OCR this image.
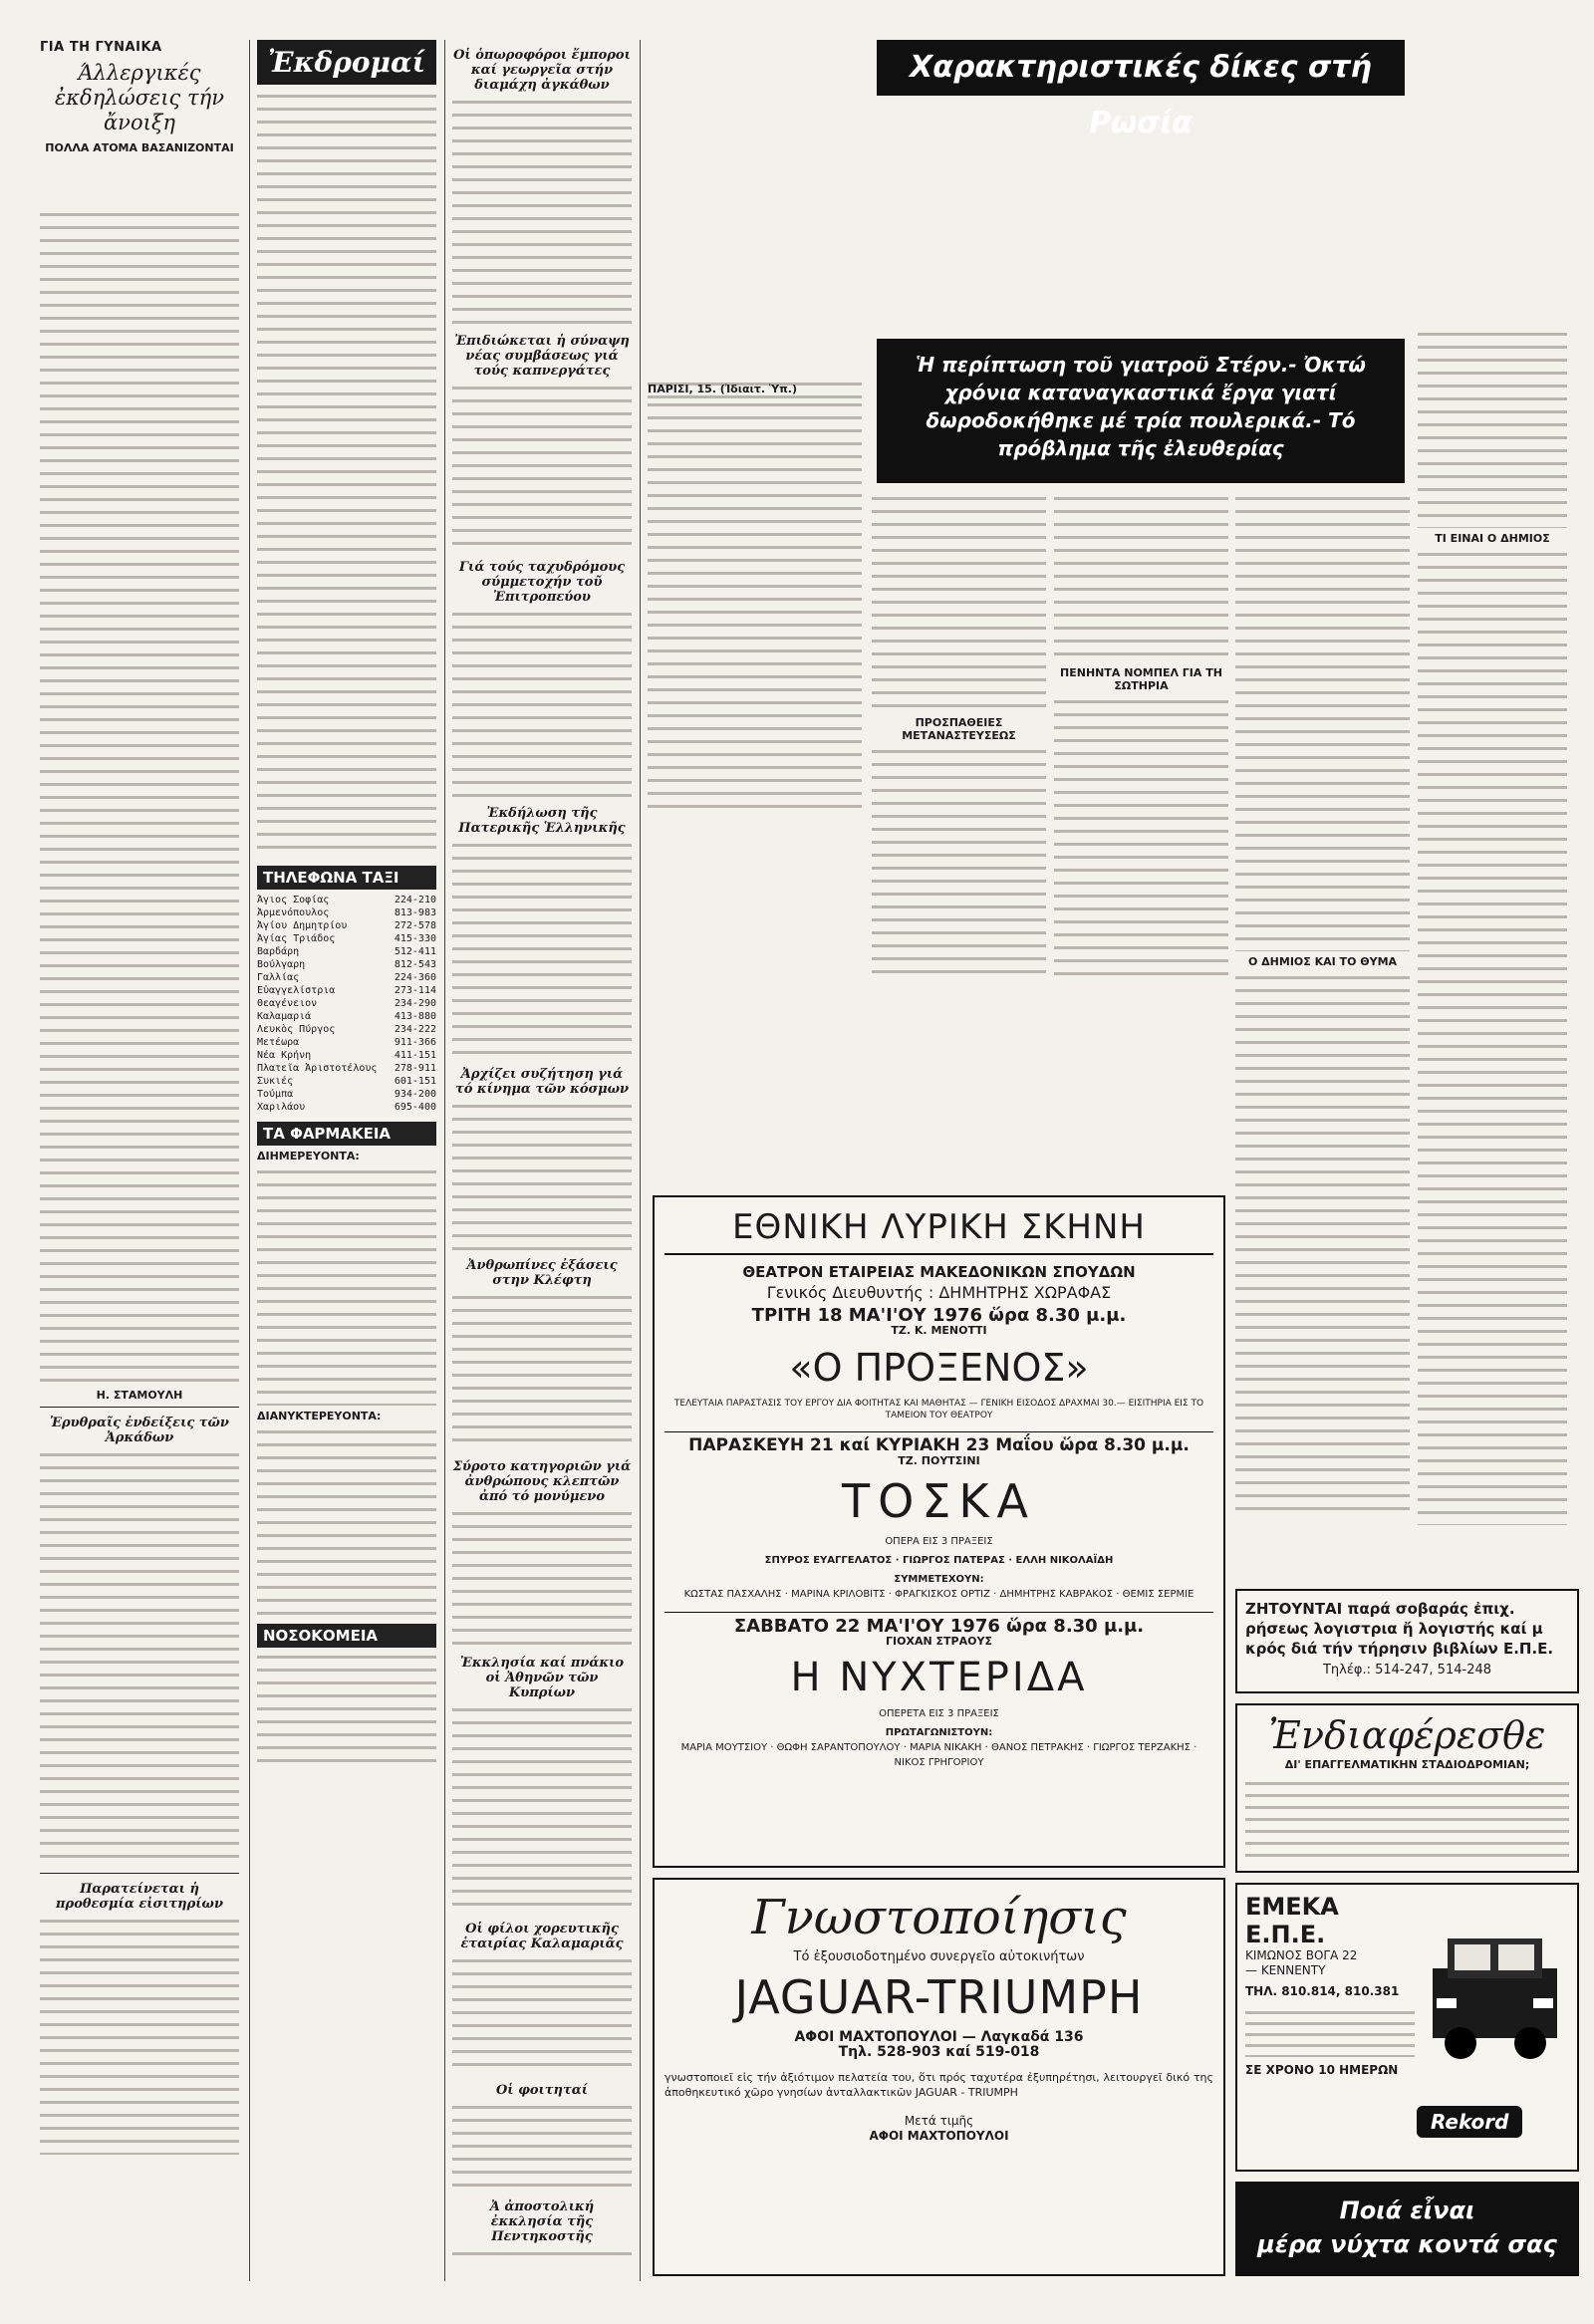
ΓΙΑ ΤΗ ΓΥΝΑΙΚΑ
Άλλεργικές ἐκδηλώσεις τήν ἄνοιξη
ΠΟΛΛΑ ΑΤΟΜΑ ΒΑΣΑΝΙΖΟΝΤΑΙ

Η. ΣΤΑΜΟΥΛΗ
Ἐρυθραῖς ἐνδείξεις τῶν Ἀρκάδων
Παρατείνεται ἡ προθεσμία εἰσιτηρίων
Ἐκδρομαί
ΤΗΛΕΦΩΝΑ ΤΑΞΙ
Ἅγιος Σοφίας	224-210
Ἀρμενόπουλος	813-983
Ἀγίου Δημητρίου	272-578
Ἀγίας Τριάδος	415-330
Βαρδάρη	512-411
Βούλγαρη	812-543
Γαλλίας	224-360
Εὐαγγελίστρια	273-114
Θεαγένειον	234-290
Καλαμαριά	413-880
Λευκὸς Πύργος	234-222
Μετέωρα	911-366
Νέα Κρήνη	411-151
Πλατεῖα Ἀριστοτέλους 278-911
Συκιές	601-151
Τούμπα	934-200
Χαριλάου	695-400
ΤΑ ΦΑΡΜΑΚΕΙΑ
ΔΙΗΜΕΡΕΥΟΝΤΑ:
ΔΙΑΝΥΚΤΕΡΕΥΟΝΤΑ:
ΝΟΣΟΚΟΜΕΙΑ
Οἱ ὁπωροφόροι ἔμποροι καί γεωργεῖα στήν διαμάχη ἀγκάθων
Ἐπιδιώκεται ἡ σύναψη νέας συμβάσεως γιά τούς καπνεργάτες
Γιά τούς ταχυδρόμους σύμμετοχήν τοῦ Ἐπιτροπεύου
Ἐκδήλωση τῆς Πατερικῆς Ἑλληνικῆς
Ἀρχίζει συζήτηση γιά τό κίνημα τῶν κόσμων
Ἀνθρωπίνες ἐξάσεις στην Κλέφτη
Σύροτο κατηγοριῶν γιά ἀνθρώπους κλεπτῶν ἀπό τό μονύμενο
Ἐκκλησία καί πνάκιο οἱ Ἀθηνῶν τῶν Κυπρίων
Οἱ φίλοι χορευτικῆς ἑταιρίας Καλαμαριᾶς
Οἱ φοιτηταί
Ἀ ἀποστολική ἐκκλησία τῆς Πεντηκοστῆς
Χαρακτηριστικές δίκες στή Ρωσία
Ἡ περίπτωση τοῦ γιατροῦ Στέρν.- Ὀκτώ χρόνια καταναγκαστικά ἔργα γιατί δωροδοκήθηκε μέ τρία πουλερικά.- Τό πρόβλημα τῆς ἐλευθερίας
ΠΑΡΙΣΙ, 15. (Ἰδιαιτ. Ὑπ.)
ΠΡΟΣΠΑΘΕΙΕΣ ΜΕΤΑΝΑΣΤΕΥΣΕΩΣ
ΠΕΝΗΝΤΑ ΝΟΜΠΕΛ ΓΙΑ ΤΗ ΣΩΤΗΡΙΑ
Ο ΔΗΜΙΟΣ ΚΑΙ ΤΟ ΘΥΜΑ
ΤΙ ΕΙΝΑΙ Ο ΔΗΜΙΟΣ
ΕΘΝΙΚΗ ΛΥΡΙΚΗ ΣΚΗΝΗ
ΘΕΑΤΡΟΝ ΕΤΑΙΡΕΙΑΣ ΜΑΚΕΔΟΝΙΚΩΝ ΣΠΟΥΔΩΝ
Γενικός Διευθυντής : ΔΗΜΗΤΡΗΣ ΧΩΡΑΦΑΣ
ΤΡΙΤΗ 18 ΜΑ'Ι'ΟΥ 1976 ὥρα 8.30 μ.μ.
ΤΖ. Κ. ΜΕΝΟΤΤΙ
«Ο ΠΡΟΞΕΝΟΣ»
ΤΕΛΕΥΤΑΙΑ ΠΑΡΑΣΤΑΣΙΣ ΤΟΥ ΕΡΓΟΥ ΔΙΑ ΦΟΙΤΗΤΑΣ ΚΑΙ ΜΑΘΗΤΑΣ — ΓΕΝΙΚΗ ΕΙΣΟΔΟΣ ΔΡΑΧΜΑΙ 30.— ΕΙΣΙΤΗΡΙΑ ΕΙΣ ΤΟ ΤΑΜΕΙΟΝ ΤΟΥ ΘΕΑΤΡΟΥ
ΠΑΡΑΣΚΕΥΗ 21 καί ΚΥΡΙΑΚΗ 23 Μαΐου ὥρα 8.30 μ.μ.
ΤΖ. ΠΟΥΤΣΙΝΙ
ΤΟΣΚΑ
ΟΠΕΡΑ ΕΙΣ 3 ΠΡΑΞΕΙΣ
ΣΠΥΡΟΣ ΕΥΑΓΓΕΛΑΤΟΣ · ΓΙΩΡΓΟΣ ΠΑΤΕΡΑΣ · ΕΛΛΗ ΝΙΚΟΛΑΪΔΗ
ΣΥΜΜΕΤΕΧΟΥΝ:
ΚΩΣΤΑΣ ΠΑΣΧΑΛΗΣ · ΜΑΡΙΝΑ ΚΡΙΛΟΒΙΤΣ · ΦΡΑΓΚΙΣΚΟΣ ΟΡΤΙΖ · ΔΗΜΗΤΡΗΣ ΚΑΒΡΑΚΟΣ · ΘΕΜΙΣ ΣΕΡΜΙΕ
ΣΑΒΒΑΤΟ 22 ΜΑ'Ι'ΟΥ 1976 ὥρα 8.30 μ.μ.
ΓΙΟΧΑΝ ΣΤΡΑΟΥΣ
Η ΝΥΧΤΕΡΙΔΑ
ΟΠΕΡΕΤΑ ΕΙΣ 3 ΠΡΑΞΕΙΣ
ΠΡΩΤΑΓΩΝΙΣΤΟΥΝ:
ΜΑΡΙΑ ΜΟΥΤΣΙΟΥ · ΘΩΦΗ ΣΑΡΑΝΤΟΠΟΥΛΟΥ · ΜΑΡΙΑ ΝΙΚΑΚΗ · ΘΑΝΟΣ ΠΕΤΡΑΚΗΣ · ΓΙΩΡΓΟΣ ΤΕΡΖΑΚΗΣ · ΝΙΚΟΣ ΓΡΗΓΟΡΙΟΥ
Γνωστοποίησις
Τό ἐξουσιοδοτημένο συνεργεῖο αὐτοκινήτων
JAGUAR-TRIUMPH
ΑΦΟΙ ΜΑΧΤΟΠΟΥΛΟΙ — Λαγκαδά 136
Τηλ. 528-903 καί 519-018
γνωστοποιεῖ εἰς τήν ἀξιότιμον πελατεία του, ὅτι πρός ταχυτέρα ἐξυπηρέτησι, λειτουργεῖ δικό της ἀποθηκευτικό χῶρο γνησίων ἀνταλλακτικῶν JAGUAR - TRIUMPH
Μετά τιμῆς
ΑΦΟΙ ΜΑΧΤΟΠΟΥΛΟΙ
ΖΗΤΟΥΝΤΑΙ παρά σοβαράς ἐπιχ. ρήσεως λογιστρια ἤ λογιστής καί μ κρός διά τήν τήρησιν βιβλίων Ε.Π.Ε.
Τηλέφ.: 514-247, 514-248
Ἐνδιαφέρεσθε
ΔΙ' ΕΠΑΓΓΕΛΜΑΤΙΚΗΝ ΣΤΑΔΙΟΔΡΟΜΙΑΝ;
ΕΜΕΚΑ Ε.Π.Ε.
ΚΙΜΩΝΟΣ ΒΟΓΑ 22
— KENNENTY
ΤΗΛ. 810.814, 810.381
ΣΕ ΧΡΟΝΟ 10 ΗΜΕΡΩΝ
Rekord
Ποιά εἶναι
μέρα νύχτα κοντά σας
